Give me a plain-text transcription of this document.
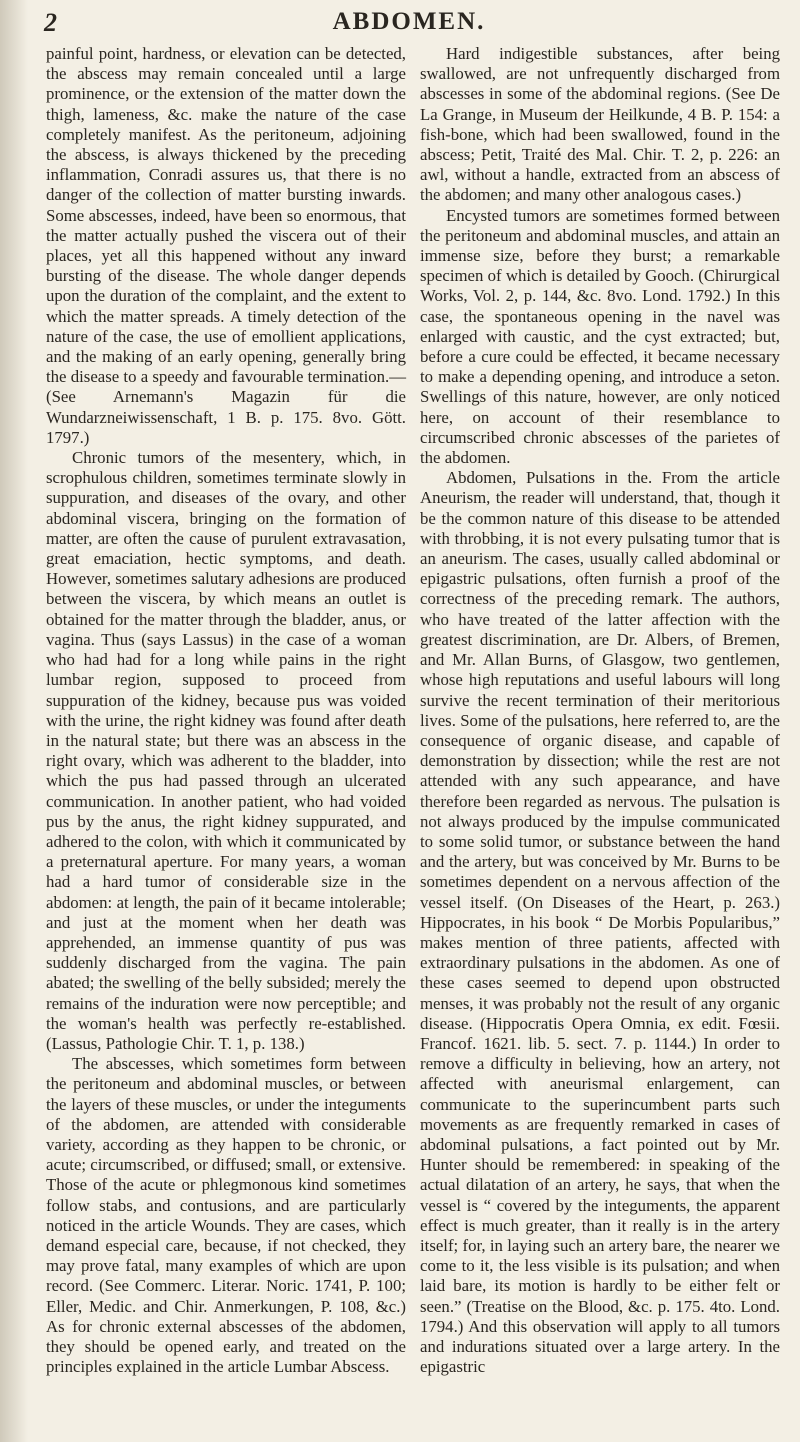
2	ABDOMEN.

painful point, hardness, or elevation can be detected, the abscess may remain concealed until a large prominence, or the extension of the matter down the thigh, lameness, &c. make the nature of the case completely manifest. As the peritoneum, adjoining the abscess, is always thickened by the preceding inflammation, Conradi assures us, that there is no danger of the collection of matter bursting inwards. Some abscesses, indeed, have been so enormous, that the matter actually pushed the viscera out of their places, yet all this happened without any inward bursting of the disease. The whole danger depends upon the duration of the complaint, and the extent to which the matter spreads. A timely detection of the nature of the case, the use of emollient applications, and the making of an early opening, generally bring the disease to a speedy and favourable termination.— (See Arnemann's Magazin für die Wundarzneiwissenschaft, 1 B. p. 175. 8vo. Gött. 1797.)

Chronic tumors of the mesentery, which, in scrophulous children, sometimes terminate slowly in suppuration, and diseases of the ovary, and other abdominal viscera, bringing on the formation of matter, are often the cause of purulent extravasation, great emaciation, hectic symptoms, and death. However, sometimes salutary adhesions are produced between the viscera, by which means an outlet is obtained for the matter through the bladder, anus, or vagina. Thus (says Lassus) in the case of a woman who had had for a long while pains in the right lumbar region, supposed to proceed from suppuration of the kidney, because pus was voided with the urine, the right kidney was found after death in the natural state; but there was an abscess in the right ovary, which was adherent to the bladder, into which the pus had passed through an ulcerated communication. In another patient, who had voided pus by the anus, the right kidney suppurated, and adhered to the colon, with which it communicated by a preternatural aperture. For many years, a woman had a hard tumor of considerable size in the abdomen: at length, the pain of it became intolerable; and just at the moment when her death was apprehended, an immense quantity of pus was suddenly discharged from the vagina. The pain abated; the swelling of the belly subsided; merely the remains of the induration were now perceptible; and the woman's health was perfectly re-established. (Lassus, Pathologie Chir. T. 1, p. 138.)

The abscesses, which sometimes form between the peritoneum and abdominal muscles, or between the layers of these muscles, or under the integuments of the abdomen, are attended with considerable variety, according as they happen to be chronic, or acute; circumscribed, or diffused; small, or extensive. Those of the acute or phlegmonous kind sometimes follow stabs, and contusions, and are particularly noticed in the article Wounds. They are cases, which demand especial care, because, if not checked, they may prove fatal, many examples of which are upon record. (See Commerc. Literar. Noric. 1741, P. 100; Eller, Medic. and Chir. Anmerkungen, P. 108, &c.) As for chronic external abscesses of the abdomen, they should be opened early, and treated on the principles explained in the article Lumbar Abscess.

Hard indigestible substances, after being swallowed, are not unfrequently discharged from abscesses in some of the abdominal regions. (See De La Grange, in Museum der Heilkunde, 4 B. P. 154: a fish-bone, which had been swallowed, found in the abscess; Petit, Traité des Mal. Chir. T. 2, p. 226: an awl, without a handle, extracted from an abscess of the abdomen; and many other analogous cases.)

Encysted tumors are sometimes formed between the peritoneum and abdominal muscles, and attain an immense size, before they burst; a remarkable specimen of which is detailed by Gooch. (Chirurgical Works, Vol. 2, p. 144, &c. 8vo. Lond. 1792.) In this case, the spontaneous opening in the navel was enlarged with caustic, and the cyst extracted; but, before a cure could be effected, it became necessary to make a depending opening, and introduce a seton. Swellings of this nature, however, are only noticed here, on account of their resemblance to circumscribed chronic abscesses of the parietes of the abdomen.

Abdomen, Pulsations in the. From the article Aneurism, the reader will understand, that, though it be the common nature of this disease to be attended with throbbing, it is not every pulsating tumor that is an aneurism. The cases, usually called abdominal or epigastric pulsations, often furnish a proof of the correctness of the preceding remark. The authors, who have treated of the latter affection with the greatest discrimination, are Dr. Albers, of Bremen, and Mr. Allan Burns, of Glasgow, two gentlemen, whose high reputations and useful labours will long survive the recent termination of their meritorious lives. Some of the pulsations, here referred to, are the consequence of organic disease, and capable of demonstration by dissection; while the rest are not attended with any such appearance, and have therefore been regarded as nervous. The pulsation is not always produced by the impulse communicated to some solid tumor, or substance between the hand and the artery, but was conceived by Mr. Burns to be sometimes dependent on a nervous affection of the vessel itself. (On Diseases of the Heart, p. 263.) Hippocrates, in his book “ De Morbis Popularibus,” makes mention of three patients, affected with extraordinary pulsations in the abdomen. As one of these cases seemed to depend upon obstructed menses, it was probably not the result of any organic disease. (Hippocratis Opera Omnia, ex edit. Fœsii. Francof. 1621. lib. 5. sect. 7. p. 1144.) In order to remove a difficulty in believing, how an artery, not affected with aneurismal enlargement, can communicate to the superincumbent parts such movements as are frequently remarked in cases of abdominal pulsations, a fact pointed out by Mr. Hunter should be remembered: in speaking of the actual dilatation of an artery, he says, that when the vessel is “ covered by the integuments, the apparent effect is much greater, than it really is in the artery itself; for, in laying such an artery bare, the nearer we come to it, the less visible is its pulsation; and when laid bare, its motion is hardly to be either felt or seen.” (Treatise on the Blood, &c. p. 175. 4to. Lond. 1794.) And this observation will apply to all tumors and indurations situated over a large artery. In the epigastric
